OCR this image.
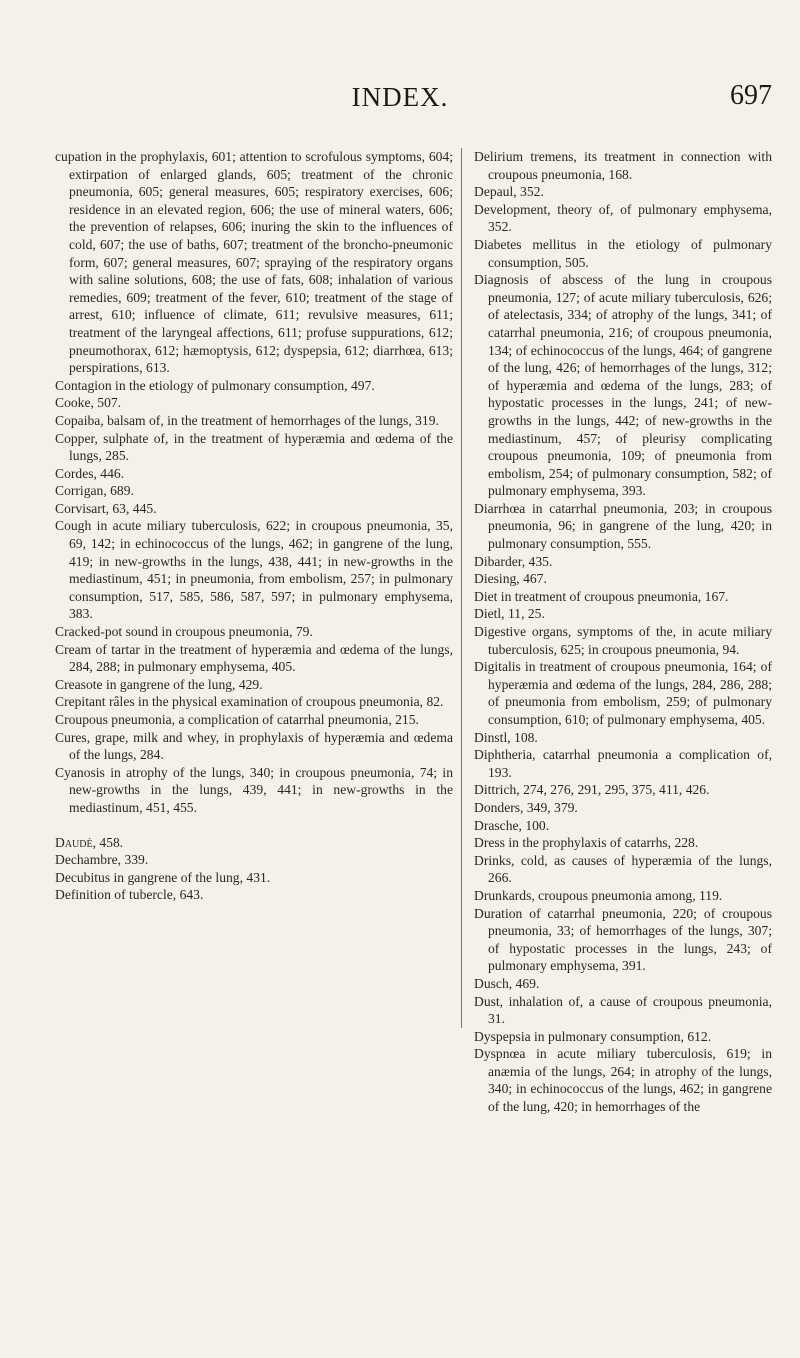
INDEX.	697

cupation in the prophylaxis, 601; attention to scrofulous symptoms, 604; extirpation of enlarged glands, 605; treatment of the chronic pneumonia, 605; general measures, 605; respiratory exercises, 606; residence in an elevated region, 606; the use of mineral waters, 606; the prevention of relapses, 606; inuring the skin to the influences of cold, 607; the use of baths, 607; treatment of the broncho-pneumonic form, 607; general measures, 607; spraying of the respiratory organs with saline solutions, 608; the use of fats, 608; inhalation of various remedies, 609; treatment of the fever, 610; treatment of the stage of arrest, 610; influence of climate, 611; revulsive measures, 611; treatment of the laryngeal affections, 611; profuse suppurations, 612; pneumothorax, 612; hæmoptysis, 612; dyspepsia, 612; diarrhœa, 613; perspirations, 613.

Contagion in the etiology of pulmonary consumption, 497.

Cooke, 507.

Copaiba, balsam of, in the treatment of hemorrhages of the lungs, 319.

Copper, sulphate of, in the treatment of hyperæmia and œdema of the lungs, 285.

Cordes, 446.

Corrigan, 689.

Corvisart, 63, 445.

Cough in acute miliary tuberculosis, 622; in croupous pneumonia, 35, 69, 142; in echinococcus of the lungs, 462; in gangrene of the lung, 419; in new-growths in the lungs, 438, 441; in new-growths in the mediastinum, 451; in pneumonia, from embolism, 257; in pulmonary consumption, 517, 585, 586, 587, 597; in pulmonary emphysema, 383.

Cracked-pot sound in croupous pneumonia, 79.

Cream of tartar in the treatment of hyperæmia and œdema of the lungs, 284, 288; in pulmonary emphysema, 405.

Creasote in gangrene of the lung, 429.

Crepitant râles in the physical examination of croupous pneumonia, 82.

Croupous pneumonia, a complication of catarrhal pneumonia, 215.

Cures, grape, milk and whey, in prophylaxis of hyperæmia and œdema of the lungs, 284.

Cyanosis in atrophy of the lungs, 340; in croupous pneumonia, 74; in new-growths in the lungs, 439, 441; in new-growths in the mediastinum, 451, 455.

Daudé, 458.

Dechambre, 339.

Decubitus in gangrene of the lung, 431.

Definition of tubercle, 643.

Delirium tremens, its treatment in connection with croupous pneumonia, 168.

Depaul, 352.

Development, theory of, of pulmonary emphysema, 352.

Diabetes mellitus in the etiology of pulmonary consumption, 505.

Diagnosis of abscess of the lung in croupous pneumonia, 127; of acute miliary tuberculosis, 626; of atelectasis, 334; of atrophy of the lungs, 341; of catarrhal pneumonia, 216; of croupous pneumonia, 134; of echinococcus of the lungs, 464; of gangrene of the lung, 426; of hemorrhages of the lungs, 312; of hyperæmia and œdema of the lungs, 283; of hypostatic processes in the lungs, 241; of new-growths in the lungs, 442; of new-growths in the mediastinum, 457; of pleurisy complicating croupous pneumonia, 109; of pneumonia from embolism, 254; of pulmonary consumption, 582; of pulmonary emphysema, 393.

Diarrhœa in catarrhal pneumonia, 203; in croupous pneumonia, 96; in gangrene of the lung, 420; in pulmonary consumption, 555.

Dibarder, 435.

Diesing, 467.

Diet in treatment of croupous pneumonia, 167.

Dietl, 11, 25.

Digestive organs, symptoms of the, in acute miliary tuberculosis, 625; in croupous pneumonia, 94.

Digitalis in treatment of croupous pneumonia, 164; of hyperæmia and œdema of the lungs, 284, 286, 288; of pneumonia from embolism, 259; of pulmonary consumption, 610; of pulmonary emphysema, 405.

Dinstl, 108.

Diphtheria, catarrhal pneumonia a complication of, 193.

Dittrich, 274, 276, 291, 295, 375, 411, 426.

Donders, 349, 379.

Drasche, 100.

Dress in the prophylaxis of catarrhs, 228.

Drinks, cold, as causes of hyperæmia of the lungs, 266.

Drunkards, croupous pneumonia among, 119.

Duration of catarrhal pneumonia, 220; of croupous pneumonia, 33; of hemorrhages of the lungs, 307; of hypostatic processes in the lungs, 243; of pulmonary emphysema, 391.

Dusch, 469.

Dust, inhalation of, a cause of croupous pneumonia, 31.

Dyspepsia in pulmonary consumption, 612.

Dyspnœa in acute miliary tuberculosis, 619; in anæmia of the lungs, 264; in atrophy of the lungs, 340; in echinococcus of the lungs, 462; in gangrene of the lung, 420; in hemorrhages of the
